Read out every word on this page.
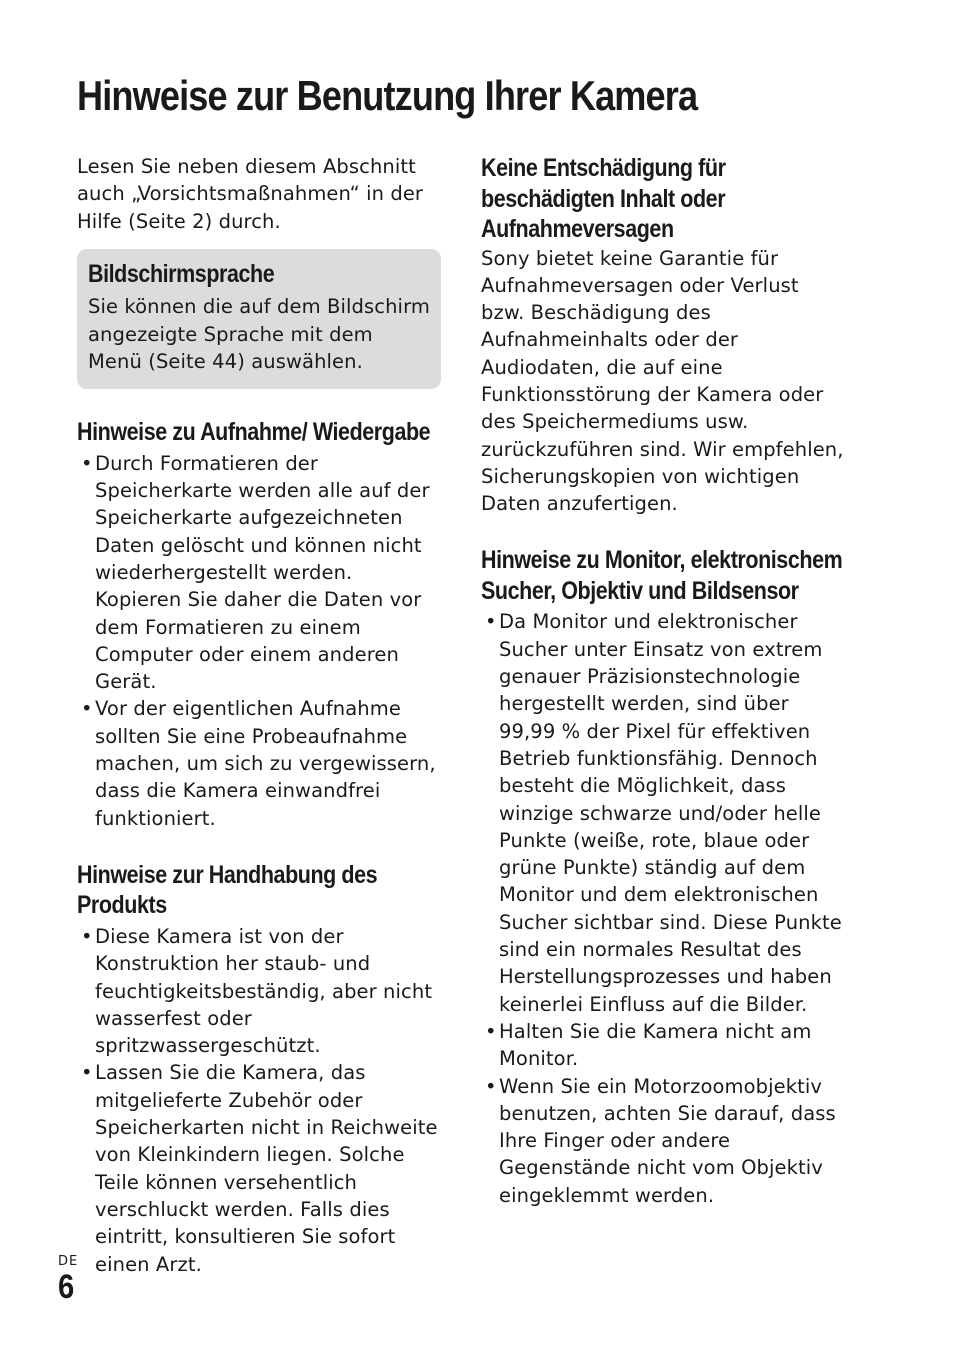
Hinweise zur Benutzung Ihrer Kamera

Lesen Sie neben diesem Abschnitt auch „Vorsichtsmaßnahmen“ in der Hilfe (Seite 2) durch.

Bildschirmsprache

Sie können die auf dem Bildschirm angezeigte Sprache mit dem Menü (Seite 44) auswählen.

Hinweise zu Aufnahme/ Wiedergabe
• Durch Formatieren der Speicherkarte werden alle auf der Speicherkarte aufgezeichneten Daten gelöscht und können nicht wiederhergestellt werden. Kopieren Sie daher die Daten vor dem Formatieren zu einem Computer oder einem anderen Gerät.
• Vor der eigentlichen Aufnahme sollten Sie eine Probeaufnahme machen, um sich zu vergewissern, dass die Kamera einwandfrei funktioniert.
Hinweise zur Handhabung des Produkts
• Diese Kamera ist von der Konstruktion her staub- und feuchtigkeitsbeständig, aber nicht wasserfest oder spritzwassergeschützt.
• Lassen Sie die Kamera, das mitgelieferte Zubehör oder Speicherkarten nicht in Reichweite von Kleinkindern liegen. Solche Teile können versehentlich verschluckt werden. Falls dies eintritt, konsultieren Sie sofort einen Arzt.
Keine Entschädigung für beschädigten Inhalt oder Aufnahmeversagen

Sony bietet keine Garantie für Aufnahmeversagen oder Verlust bzw. Beschädigung des Aufnahmeinhalts oder der Audiodaten, die auf eine Funktionsstörung der Kamera oder des Speichermediums usw. zurückzuführen sind. Wir empfehlen, Sicherungskopien von wichtigen Daten anzufertigen.

Hinweise zu Monitor, elektronischem Sucher, Objektiv und Bildsensor
• Da Monitor und elektronischer Sucher unter Einsatz von extrem genauer Präzisionstechnologie hergestellt werden, sind über 99,99 % der Pixel für effektiven Betrieb funktionsfähig. Dennoch besteht die Möglichkeit, dass winzige schwarze und/oder helle Punkte (weiße, rote, blaue oder grüne Punkte) ständig auf dem Monitor und dem elektronischen Sucher sichtbar sind. Diese Punkte sind ein normales Resultat des Herstellungsprozesses und haben keinerlei Einfluss auf die Bilder.
• Halten Sie die Kamera nicht am Monitor.
• Wenn Sie ein Motorzoomobjektiv benutzen, achten Sie darauf, dass Ihre Finger oder andere Gegenstände nicht vom Objektiv eingeklemmt werden.
DE
6
